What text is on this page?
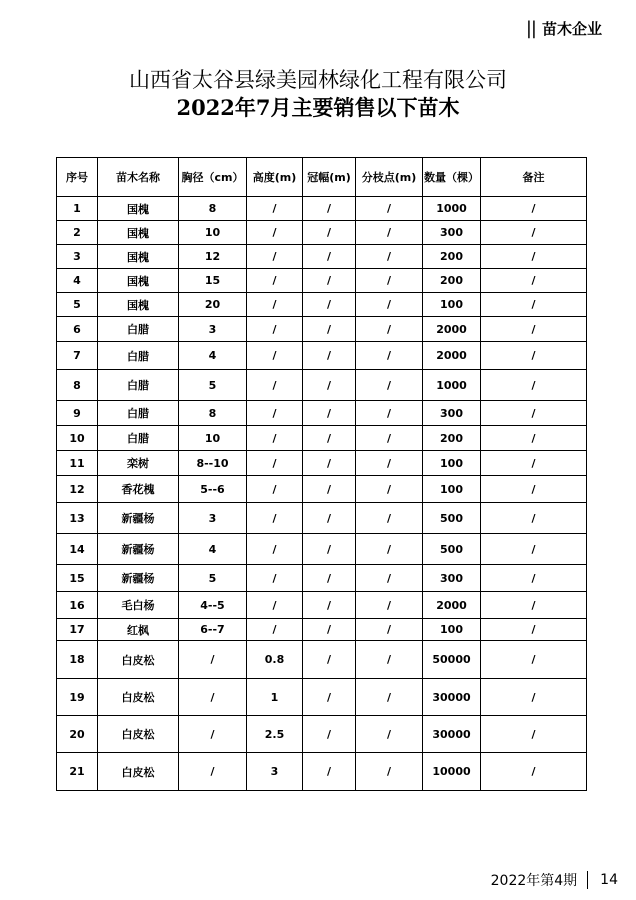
|| 苗木企业
山西省太谷县绿美园林绿化工程有限公司
2022年7月主要销售以下苗木
序号	苗木名称	胸径（cm）	高度(m)	冠幅(m)	分枝点(m)	数量（棵）	备注
1	国槐	8	/	/	/	1000	/
2	国槐	10	/	/	/	300	/
3	国槐	12	/	/	/	200	/
4	国槐	15	/	/	/	200	/
5	国槐	20	/	/	/	100	/
6	白腊	3	/	/	/	2000	/
7	白腊	4	/	/	/	2000	/
8	白腊	5	/	/	/	1000	/
9	白腊	8	/	/	/	300	/
10	白腊	10	/	/	/	200	/
11	栾树	8--10	/	/	/	100	/
12	香花槐	5--6	/	/	/	100	/
13	新疆杨	3	/	/	/	500	/
14	新疆杨	4	/	/	/	500	/
15	新疆杨	5	/	/	/	300	/
16	毛白杨	4--5	/	/	/	2000	/
17	红枫	6--7	/	/	/	100	/
18	白皮松	/	0.8	/	/	50000	/
19	白皮松	/	1	/	/	30000	/
20	白皮松	/	2.5	/	/	30000	/
21	白皮松	/	3	/	/	10000	/
2022年第4期 14
